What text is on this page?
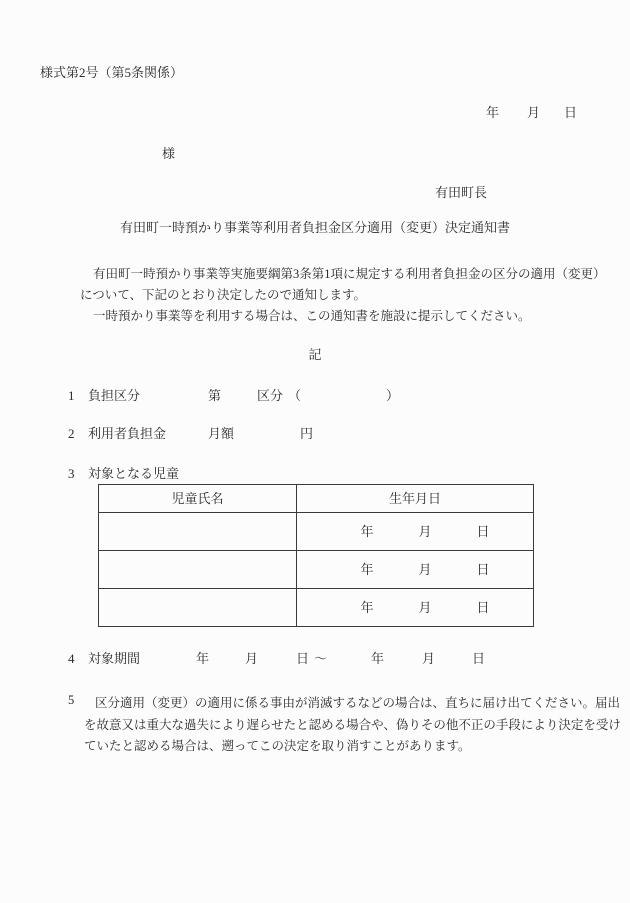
様式第2号（第5条関係）
年 月 日
様
有田町長
有田町一時預かり事業等利用者負担金区分適用（変更）決定通知書
有田町一時預かり事業等実施要綱第3条第1項に規定する利用者負担金の区分の適用（変更）
について、下記のとおり決定したので通知します。
一時預かり事業等を利用する場合は、この通知書を施設に提示してください。
記
1 負担区分	第	区分 （	）
2 利用者負担金	月額	円
3 対象となる児童
児童氏名	生年月日

	年 月 日

	年 月 日

	年 月 日
4 対象期間	年	月	日 ～	年	月	日
5	区分適用（変更）の適用に係る事由が消滅するなどの場合は、直ちに届け出てください。届出
を故意又は重大な過失により遅らせたと認める場合や、偽りその他不正の手段により決定を受け
ていたと認める場合は、遡ってこの決定を取り消すことがあります。
